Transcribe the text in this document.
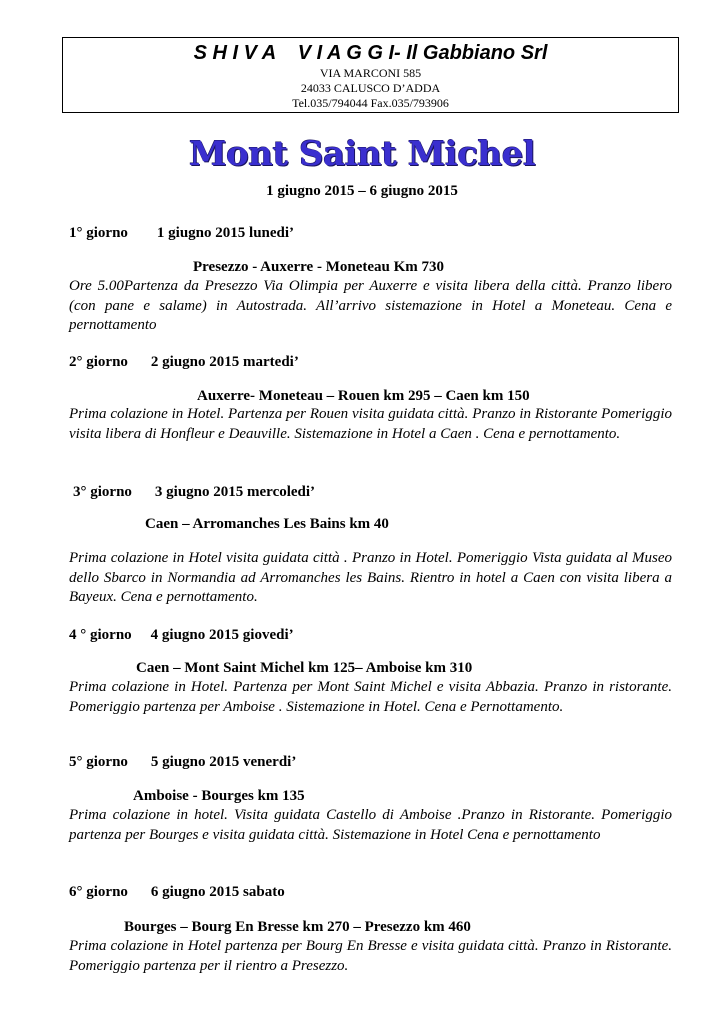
S H I V A    V I A G G I- Il Gabbiano Srl
VIA MARCONI 585
24033 CALUSCO D’ADDA
Tel.035/794044 Fax.035/793906
Mont Saint Michel
1 giugno 2015 – 6 giugno 2015
1° giorno 1 giugno 2015 lunedi’
Presezzo - Auxerre - Moneteau Km 730

Ore 5.00Partenza da Presezzo Via Olimpia per Auxerre e visita libera della città. Pranzo libero (con pane e salame) in Autostrada. All’arrivo sistemazione in Hotel a Moneteau. Cena e pernottamento

2° giorno 2 giugno 2015 martedi’
Auxerre- Moneteau – Rouen km 295 – Caen km 150

Prima colazione in Hotel. Partenza per Rouen visita guidata città. Pranzo in Ristorante Pomeriggio visita libera di Honfleur e Deauville. Sistemazione in Hotel a Caen . Cena e pernottamento.

3° giorno 3 giugno 2015 mercoledi’
Caen – Arromanches Les Bains km 40

Prima colazione in Hotel visita guidata città . Pranzo in Hotel. Pomeriggio Vista guidata al Museo dello Sbarco in Normandia ad Arromanches les Bains. Rientro in hotel a Caen con visita libera a Bayeux. Cena e pernottamento.

4 ° giorno 4 giugno 2015 giovedi’
Caen – Mont Saint Michel km 125– Amboise km 310

Prima colazione in Hotel. Partenza per Mont Saint Michel e visita Abbazia. Pranzo in ristorante. Pomeriggio partenza per Amboise . Sistemazione in Hotel. Cena e Pernottamento.

5° giorno 5 giugno 2015 venerdi’
Amboise - Bourges km 135

Prima colazione in hotel. Visita guidata Castello di Amboise .Pranzo in Ristorante. Pomeriggio partenza per Bourges e visita guidata città. Sistemazione in Hotel Cena e pernottamento

6° giorno 6 giugno 2015 sabato
Bourges – Bourg En Bresse km 270 – Presezzo km 460

Prima colazione in Hotel partenza per Bourg En Bresse e visita guidata città. Pranzo in Ristorante. Pomeriggio partenza per il rientro a Presezzo.
